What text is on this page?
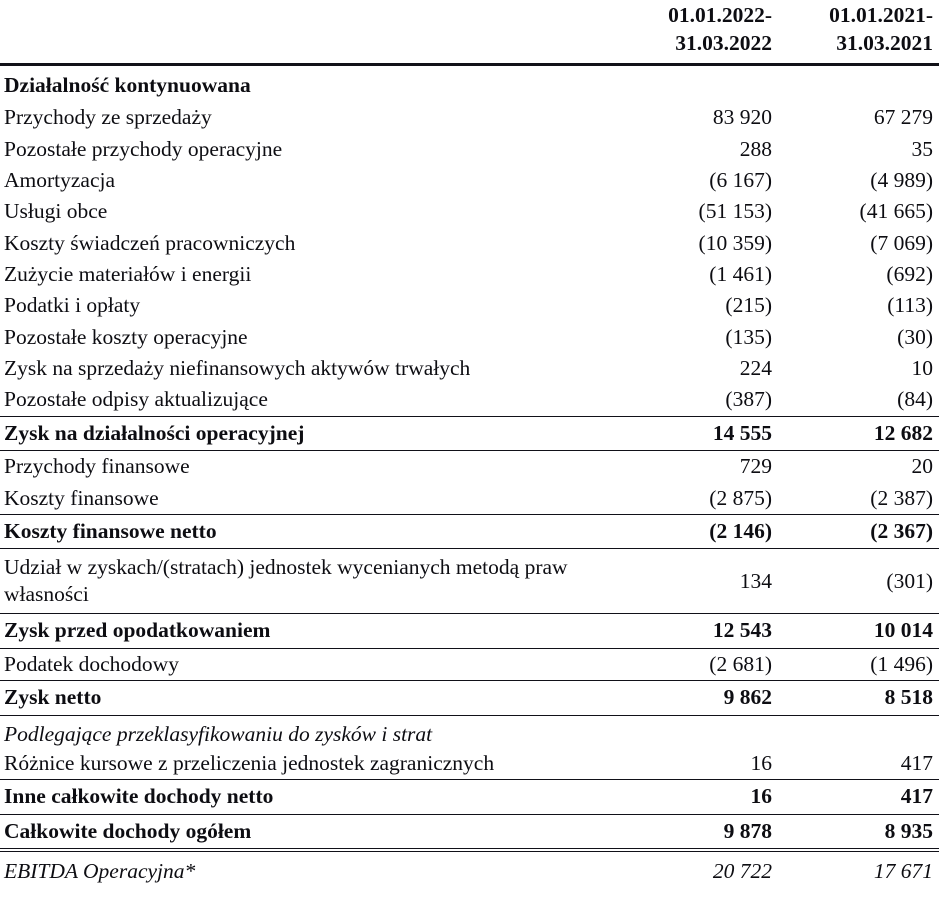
	01.01.2022-
31.03.2022	01.01.2021-
31.03.2021

Działalność kontynuowana		
Przychody ze sprzedaży	83 920	67 279
Pozostałe przychody operacyjne	288	35
Amortyzacja	(6 167)	(4 989)
Usługi obce	(51 153)	(41 665)
Koszty świadczeń pracowniczych	(10 359)	(7 069)
Zużycie materiałów i energii	(1 461)	(692)
Podatki i opłaty	(215)	(113)
Pozostałe koszty operacyjne	(135)	(30)
Zysk na sprzedaży niefinansowych aktywów trwałych	224	10
Pozostałe odpisy aktualizujące	(387)	(84)
Zysk na działalności operacyjnej	14 555	12 682
Przychody finansowe	729	20
Koszty finansowe	(2 875)	(2 387)
Koszty finansowe netto	(2 146)	(2 367)
Udział w zyskach/(stratach) jednostek wycenianych metodą praw własności	134	(301)
Zysk przed opodatkowaniem	12 543	10 014
Podatek dochodowy	(2 681)	(1 496)
Zysk netto	9 862	8 518
Podlegające przeklasyfikowaniu do zysków i strat		
Różnice kursowe z przeliczenia jednostek zagranicznych	16	417
Inne całkowite dochody netto	16	417
Całkowite dochody ogółem	9 878	8 935
EBITDA Operacyjna*	20 722	17 671
